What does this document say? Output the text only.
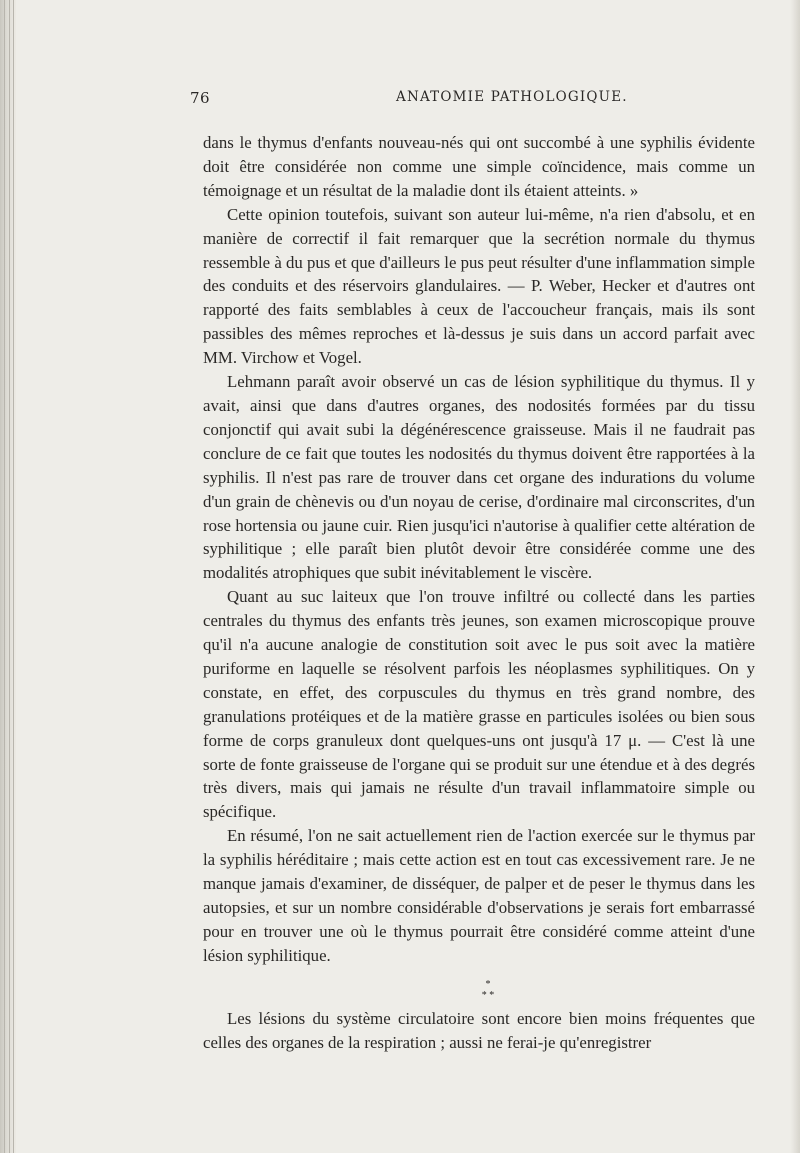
76	ANATOMIE PATHOLOGIQUE.

dans le thymus d'enfants nouveau-nés qui ont succombé à une syphilis évidente doit être considérée non comme une simple coïncidence, mais comme un témoignage et un résultat de la maladie dont ils étaient atteints. »

Cette opinion toutefois, suivant son auteur lui-même, n'a rien d'absolu, et en manière de correctif il fait remarquer que la secrétion normale du thymus ressemble à du pus et que d'ailleurs le pus peut résulter d'une inflammation simple des conduits et des réservoirs glandulaires. — P. Weber, Hecker et d'autres ont rapporté des faits semblables à ceux de l'accoucheur français, mais ils sont passibles des mêmes reproches et là-dessus je suis dans un accord parfait avec MM. Virchow et Vogel.

Lehmann paraît avoir observé un cas de lésion syphilitique du thymus. Il y avait, ainsi que dans d'autres organes, des nodosités formées par du tissu conjonctif qui avait subi la dégénérescence graisseuse. Mais il ne faudrait pas conclure de ce fait que toutes les nodosités du thymus doivent être rapportées à la syphilis. Il n'est pas rare de trouver dans cet organe des indurations du volume d'un grain de chènevis ou d'un noyau de cerise, d'ordinaire mal circonscrites, d'un rose hortensia ou jaune cuir. Rien jusqu'ici n'autorise à qualifier cette altération de syphilitique ; elle paraît bien plutôt devoir être considérée comme une des modalités atrophiques que subit inévitablement le viscère.

Quant au suc laiteux que l'on trouve infiltré ou collecté dans les parties centrales du thymus des enfants très jeunes, son examen microscopique prouve qu'il n'a aucune analogie de constitution soit avec le pus soit avec la matière puriforme en laquelle se résolvent parfois les néoplasmes syphilitiques. On y constate, en effet, des corpuscules du thymus en très grand nombre, des granulations protéiques et de la matière grasse en particules isolées ou bien sous forme de corps granuleux dont quelques-uns ont jusqu'à 17 μ. — C'est là une sorte de fonte graisseuse de l'organe qui se produit sur une étendue et à des degrés très divers, mais qui jamais ne résulte d'un travail inflammatoire simple ou spécifique.

En résumé, l'on ne sait actuellement rien de l'action exercée sur le thymus par la syphilis héréditaire ; mais cette action est en tout cas excessivement rare. Je ne manque jamais d'examiner, de disséquer, de palper et de peser le thymus dans les autopsies, et sur un nombre considérable d'observations je serais fort embarrassé pour en trouver une où le thymus pourrait être considéré comme atteint d'une lésion syphilitique.

*
* *

Les lésions du système circulatoire sont encore bien moins fréquentes que celles des organes de la respiration ; aussi ne ferai-je qu'enregistrer
